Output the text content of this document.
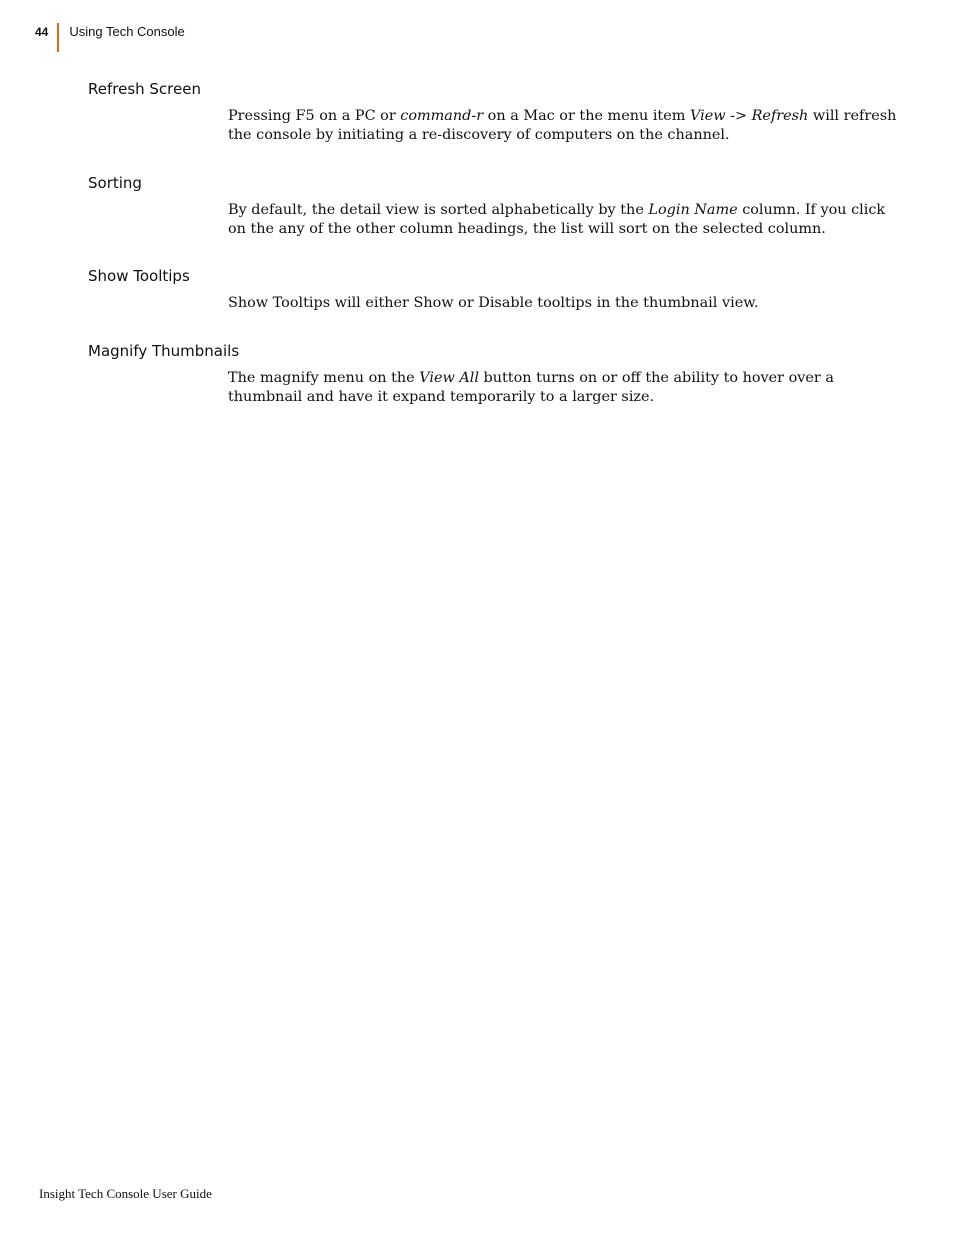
44 Using Tech Console
Refresh Screen

Pressing F5 on a PC or command-r on a Mac or the menu item View -> Refresh will refresh the console by initiating a re-discovery of computers on the channel.

Sorting

By default, the detail view is sorted alphabetically by the Login Name column. If you click on the any of the other column headings, the list will sort on the selected column.

Show Tooltips

Show Tooltips will either Show or Disable tooltips in the thumbnail view.

Magnify Thumbnails

The magnify menu on the View All button turns on or off the ability to hover over a thumbnail and have it expand temporarily to a larger size.

Insight Tech Console User Guide
